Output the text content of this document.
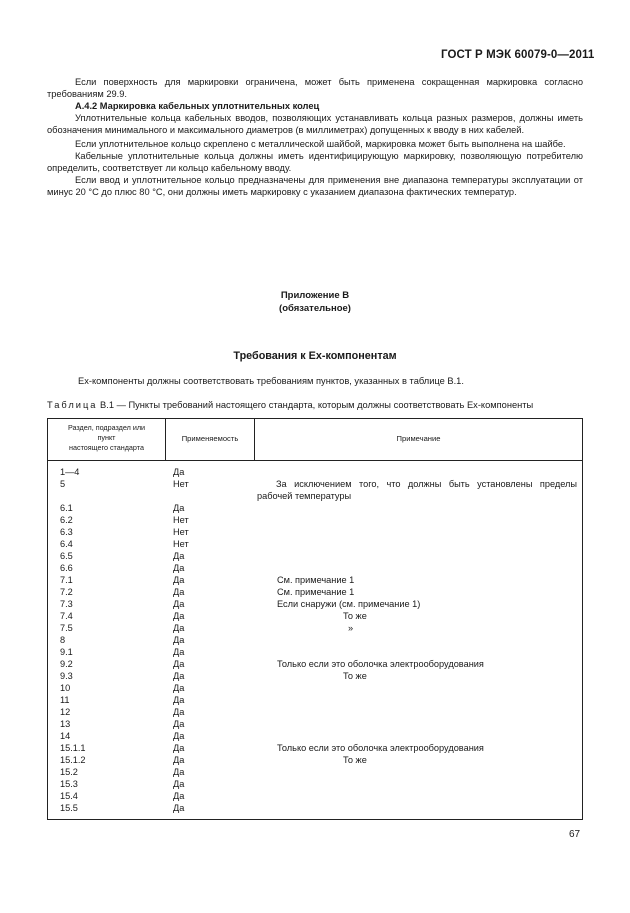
ГОСТ Р МЭК 60079-0—2011

Если поверхность для маркировки ограничена, может быть применена сокращенная маркировка согласно требованиям 29.9.

А.4.2 Маркировка кабельных уплотнительных колец

Уплотнительные кольца кабельных вводов, позволяющих устанавливать кольца разных размеров, должны иметь обозначения минимального и максимального диаметров (в миллиметрах) допущенных к вводу в них кабелей.

Если уплотнительное кольцо скреплено с металлической шайбой, маркировка может быть выполнена на шайбе.

Кабельные уплотнительные кольца должны иметь идентифицирующую маркировку, позволяющую потребителю определить, соответствует ли кольцо кабельному вводу.

Если ввод и уплотнительное кольцо предназначены для применения вне диапазона температуры эксплуатации от минус 20 °С до плюс 80 °С, они должны иметь маркировку с указанием диапазона фактических температур.

Приложение В
(обязательное)
Требования к Ех-компонентам
Ех-компоненты должны соответствовать требованиям пунктов, указанных в таблице В.1.
Таблица В.1 — Пункты требований настоящего стандарта, которым должны соответствовать Ех-компоненты
Раздел, подраздел или
пункт
настоящего стандарта
Применяемость	Примечание
1—4	Да
5	Нет	За исключением того, что должны быть установлены пределы рабочей температуры
6.1	Да
6.2	Нет
6.3	Нет
6.4	Нет
6.5	Да
6.6	Да
7.1	Да	См. примечание 1
7.2	Да	См. примечание 1
7.3	Да	Если снаружи (см. примечание 1)
7.4	Да	То же
7.5	Да	»
8	Да
9.1	Да
9.2	Да	Только если это оболочка электрооборудования
9.3	Да	То же
10	Да
11	Да
12	Да
13	Да
14	Да
15.1.1	Да	Только если это оболочка электрооборудования
15.1.2	Да	То же
15.2	Да
15.3	Да
15.4	Да
15.5	Да
67
